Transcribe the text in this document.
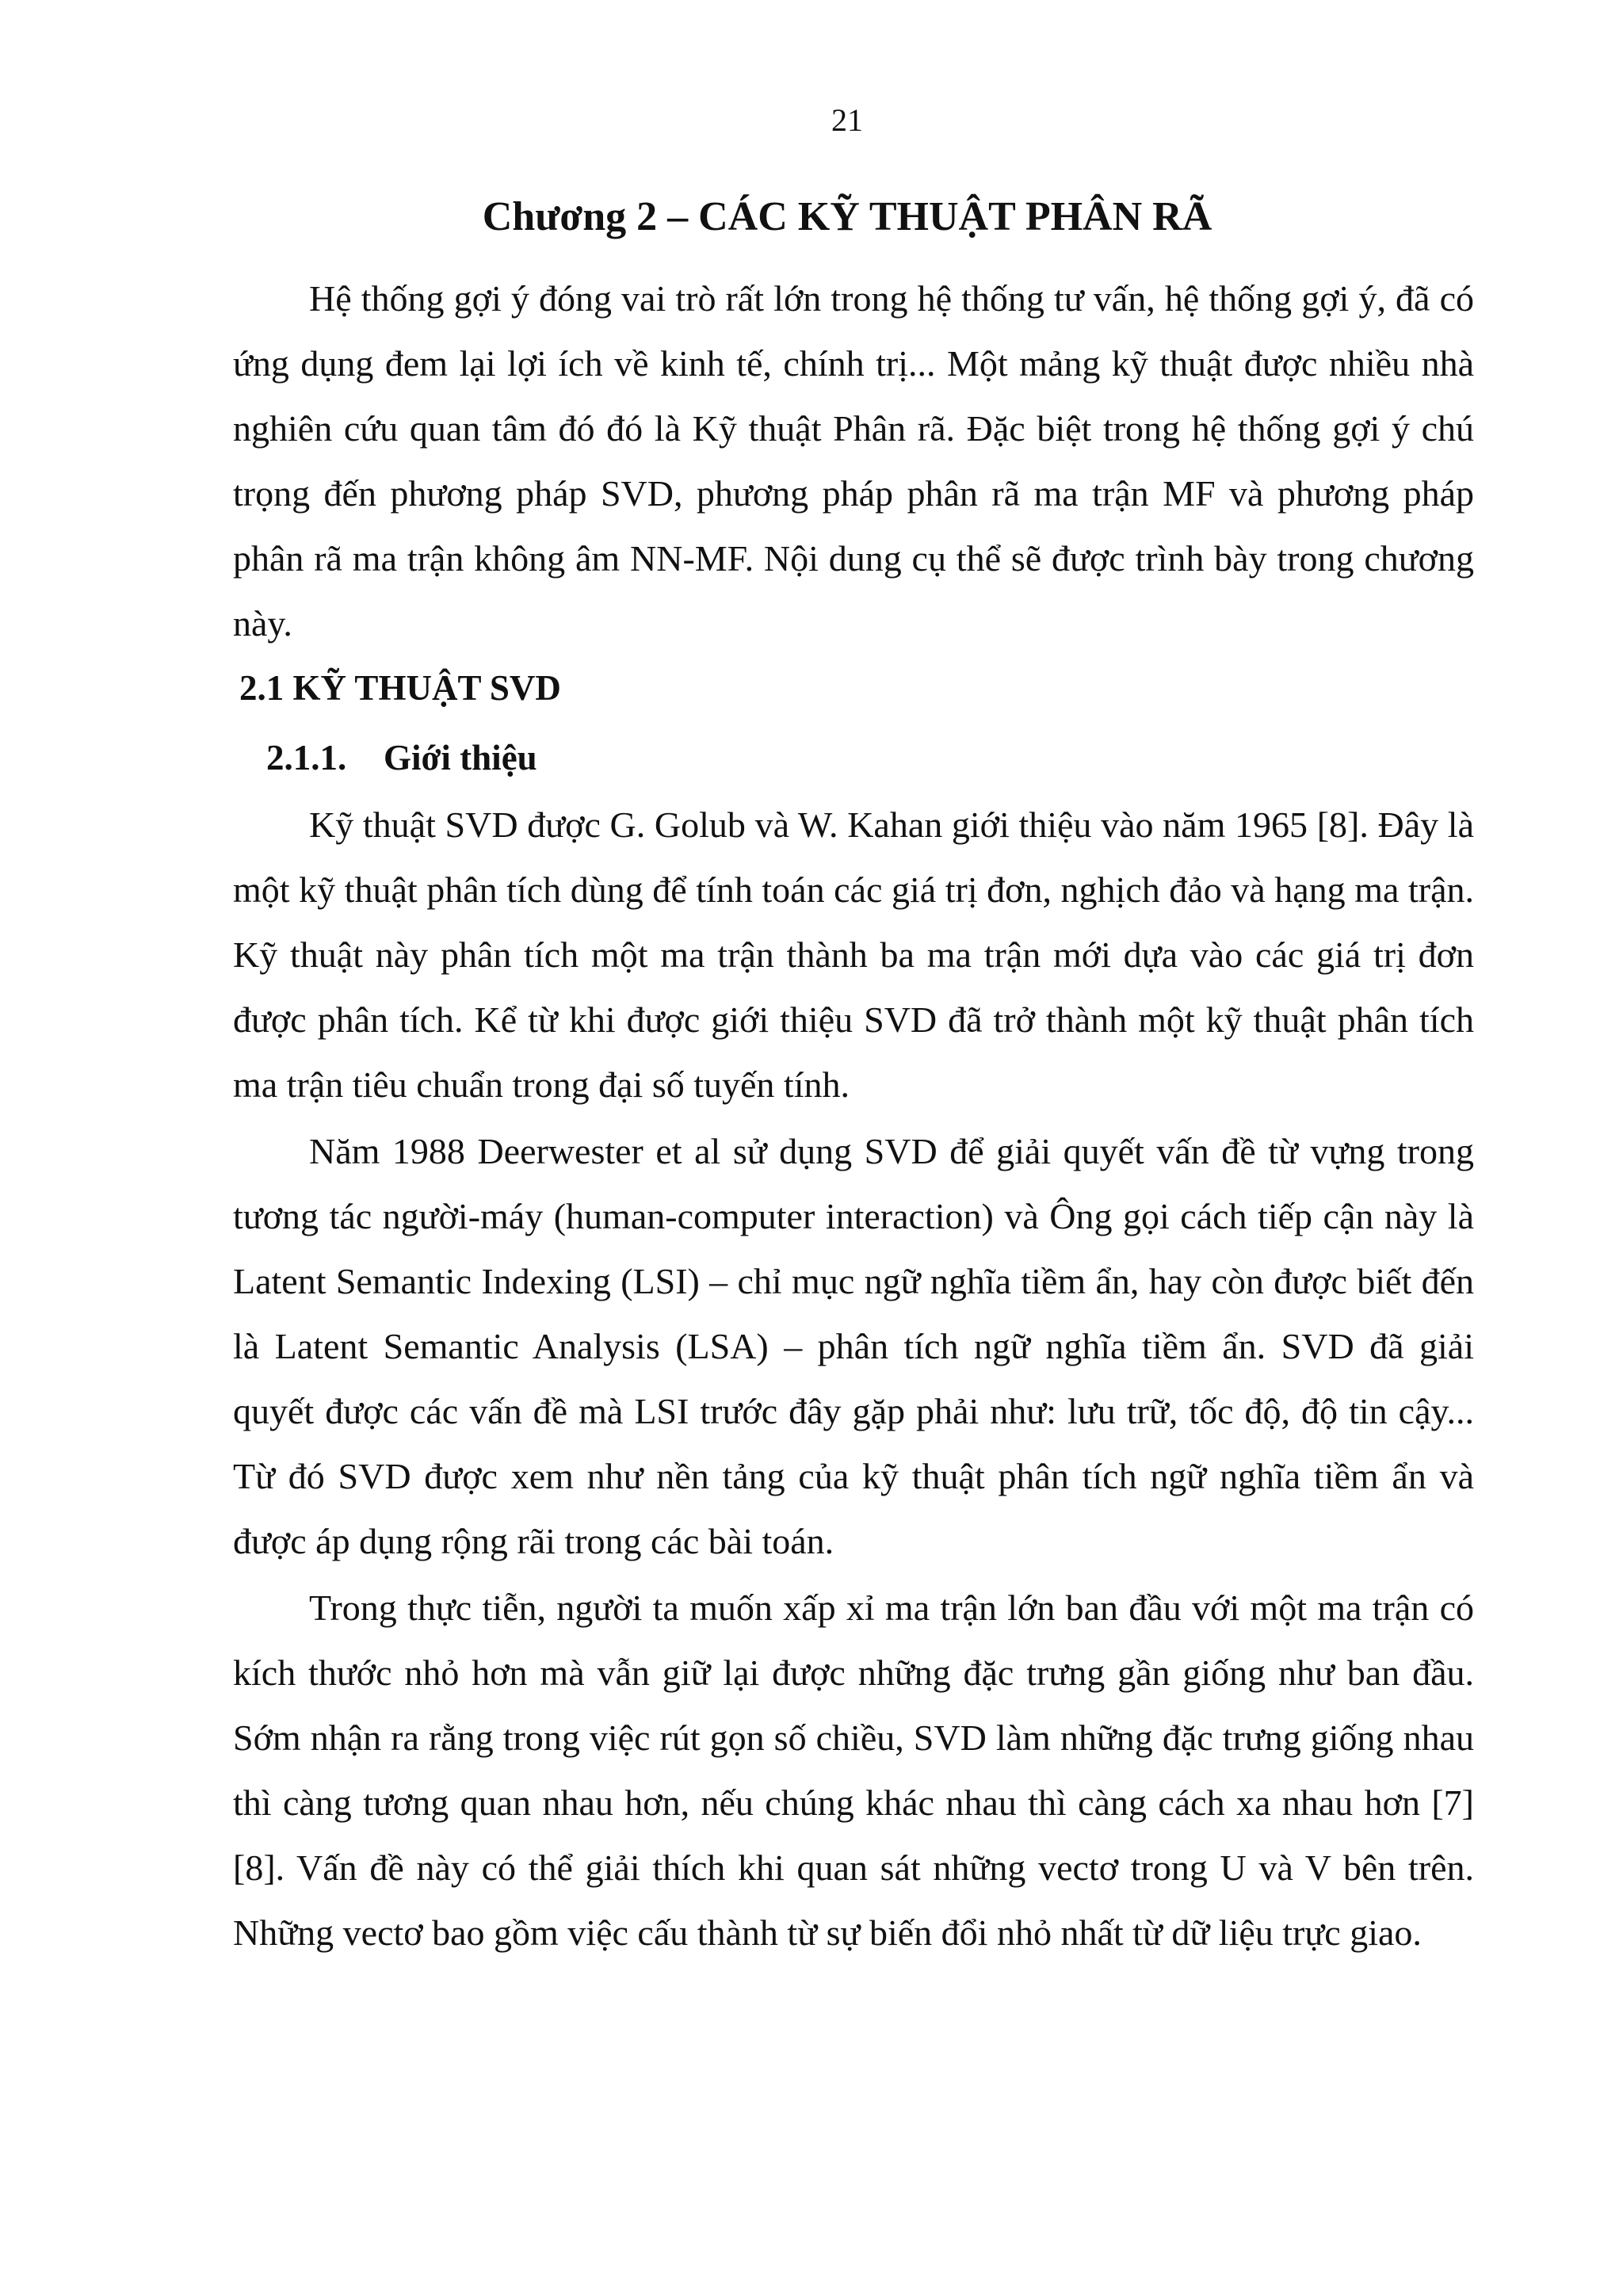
21
Chương 2 – CÁC KỸ THUẬT PHÂN RÃ

Hệ thống gợi ý đóng vai trò rất lớn trong hệ thống tư vấn, hệ thống gợi ý, đã có ứng dụng đem lại lợi ích về kinh tế, chính trị... Một mảng kỹ thuật được nhiều nhà nghiên cứu quan tâm đó đó là Kỹ thuật Phân rã. Đặc biệt trong hệ thống gợi ý chú trọng đến phương pháp SVD, phương pháp phân rã ma trận MF và phương pháp phân rã ma trận không âm NN-MF. Nội dung cụ thể sẽ được trình bày trong chương này.

2.1 KỸ THUẬT SVD
2.1.1. Giới thiệu

Kỹ thuật SVD được G. Golub và W. Kahan giới thiệu vào năm 1965 [8]. Đây là một kỹ thuật phân tích dùng để tính toán các giá trị đơn, nghịch đảo và hạng ma trận. Kỹ thuật này phân tích một ma trận thành ba ma trận mới dựa vào các giá trị đơn được phân tích. Kể từ khi được giới thiệu SVD đã trở thành một kỹ thuật phân tích ma trận tiêu chuẩn trong đại số tuyến tính.

Năm 1988 Deerwester et al sử dụng SVD để giải quyết vấn đề từ vựng trong tương tác người-máy (human-computer interaction) và Ông gọi cách tiếp cận này là Latent Semantic Indexing (LSI) – chỉ mục ngữ nghĩa tiềm ẩn, hay còn được biết đến là Latent Semantic Analysis (LSA) – phân tích ngữ nghĩa tiềm ẩn. SVD đã giải quyết được các vấn đề mà LSI trước đây gặp phải như: lưu trữ, tốc độ, độ tin cậy... Từ đó SVD được xem như nền tảng của kỹ thuật phân tích ngữ nghĩa tiềm ẩn và được áp dụng rộng rãi trong các bài toán.

Trong thực tiễn, người ta muốn xấp xỉ ma trận lớn ban đầu với một ma trận có kích thước nhỏ hơn mà vẫn giữ lại được những đặc trưng gần giống như ban đầu. Sớm nhận ra rằng trong việc rút gọn số chiều, SVD làm những đặc trưng giống nhau thì càng tương quan nhau hơn, nếu chúng khác nhau thì càng cách xa nhau hơn [7][8]. Vấn đề này có thể giải thích khi quan sát những vectơ trong U và V bên trên. Những vectơ bao gồm việc cấu thành từ sự biến đổi nhỏ nhất từ dữ liệu trực giao.
